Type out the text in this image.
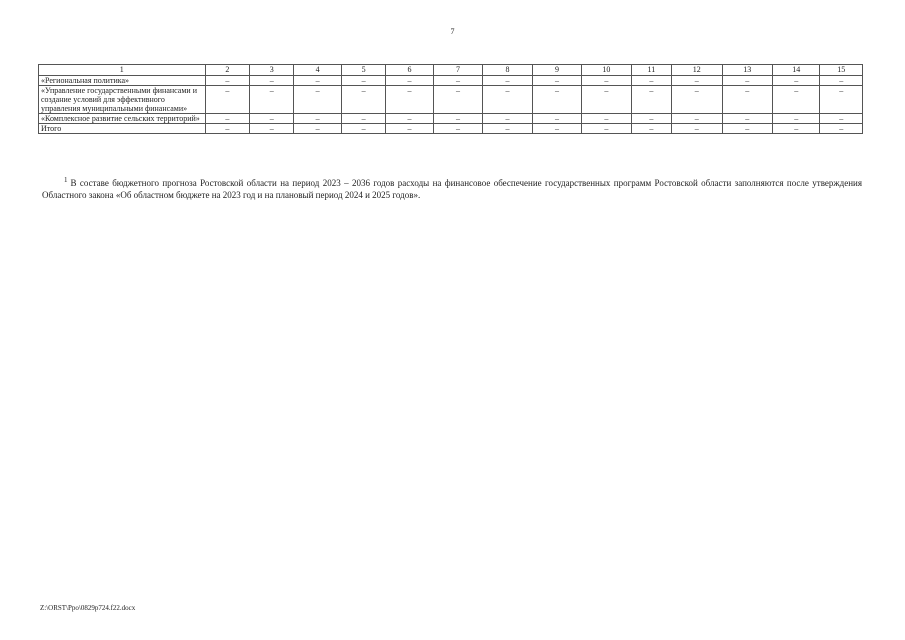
7
1	2	3	4	5	6	7	8	9	10	11	12	13	14	15
«Региональная политика»	–	–	–	–	–	–	–	–	–	–	–	–	–	–
«Управление государственными финансами и создание условий для эффективного управления муниципальными финансами»	–	–	–	–	–	–	–	–	–	–	–	–	–	–
«Комплексное развитие сельских территорий»	–	–	–	–	–	–	–	–	–	–	–	–	–	–
Итого	–	–	–	–	–	–	–	–	–	–	–	–	–	–
$^1$ В составе бюджетного прогноза Ростовской области на период 2023 – 2036 годов расходы на финансовое обеспечение государственных программ Ростовской области заполняются после утверждения Областного закона «Об областном бюджете на 2023 год и на плановый период 2024 и 2025 годов».
Z:\ORST\Ppo\0829p724.f22.docx
